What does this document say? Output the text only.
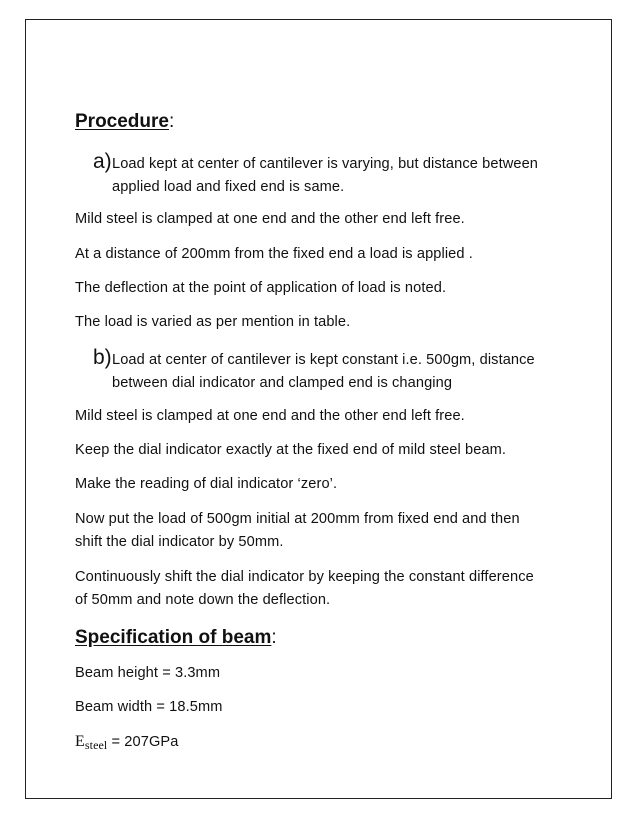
Procedure:
a) Load kept at center of cantilever is varying, but distance between
applied load and fixed end is same.
Mild steel is clamped at one end and the other end left free.
At a distance of 200mm from the fixed end a load is applied .
The deflection at the point of application of load is noted.
The load is varied as per mention in table.
b) Load at center of cantilever is kept constant i.e. 500gm, distance
between dial indicator and clamped end is changing
Mild steel is clamped at one end and the other end left free.
Keep the dial indicator exactly at the fixed end of mild steel beam.
Make the reading of dial indicator ‘zero’.
Now put the load of 500gm initial at 200mm from fixed end and then
shift the dial indicator by 50mm.
Continuously shift the dial indicator by keeping the constant difference
of 50mm and note down the deflection.
Specification of beam:
Beam height = 3.3mm
Beam width = 18.5mm
$E_{steel} = 207GPa$
